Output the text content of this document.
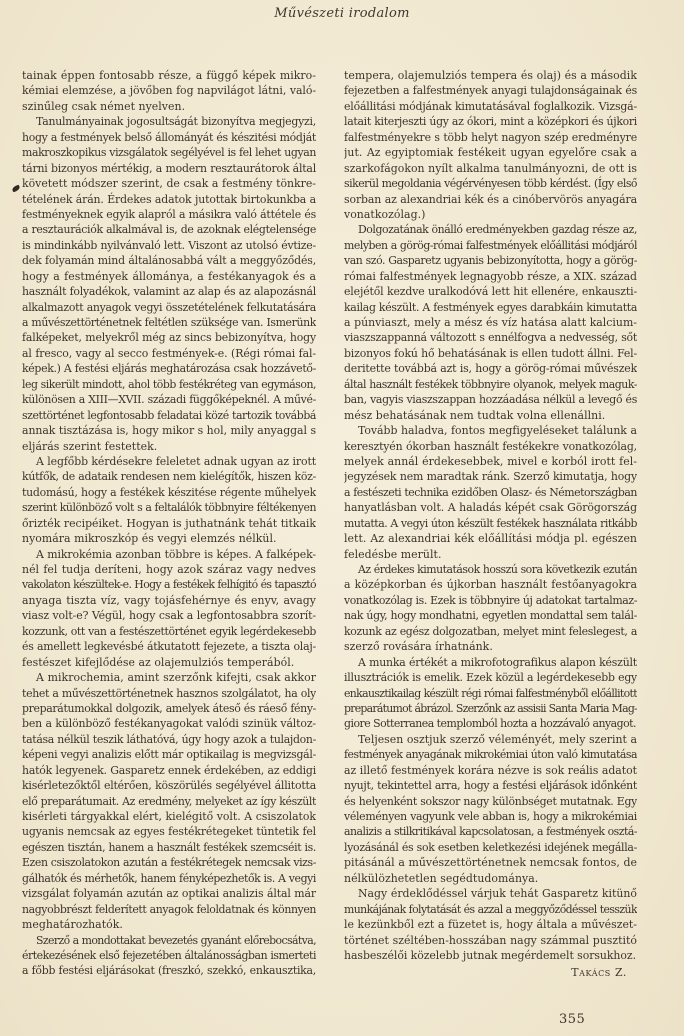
Művészeti irodalom
tainak éppen fontosabb része, a függő képek mikro-
kémiai elemzése, a jövőben fog napvilágot látni, való-
szinűleg csak német nyelven.
Tanulmányainak jogosultságát bizonyítva megjegyzi,
hogy a festmények belső állományát és készitési módját
makroszkopikus vizsgálatok segélyével is fel lehet ugyan
tárni bizonyos mértékig, a modern resztaurátorok által
követett módszer szerint, de csak a festmény tönkre-
tételének árán. Érdekes adatok jutottak birtokunkba a
festményeknek egyik alapról a másikra való áttétele és
a resztaurációk alkalmával is, de azoknak elégtelensége
is mindinkább nyilvánvaló lett. Viszont az utolsó évtize-
dek folyamán mind általánosabbá vált a meggyőződés,
hogy a festmények állománya, a festékanyagok és a
használt folyadékok, valamint az alap és az alapozásnál
alkalmazott anyagok vegyi összetételének felkutatására
a művészettörténetnek feltétlen szüksége van. Ismerünk
falképeket, melyekről még az sincs bebizonyítva, hogy
al fresco, vagy al secco festmények-e. (Régi római fal-
képek.) A festési eljárás meghatározása csak hozzávető-
leg sikerült mindott, ahol több festékréteg van egymáson,
különösen a XIII—XVII. századi függőképeknél. A művé-
szettörténet legfontosabb feladatai közé tartozik továbbá
annak tisztázása is, hogy mikor s hol, mily anyaggal s
eljárás szerint festettek.
A legfőbb kérdésekre feleletet adnak ugyan az irott
kútfők, de adataik rendesen nem kielégítők, hiszen köz-
tudomású, hogy a festékek készitése régente műhelyek
szerint különböző volt s a feltalálók többnyire féltékenyen
őrizték recipéiket. Hogyan is juthatnánk tehát titkaik
nyomára mikroszkóp és vegyi elemzés nélkül.
A mikrokémia azonban többre is képes. A falképek-
nél fel tudja deríteni, hogy azok száraz vagy nedves
vakolaton készültek-e. Hogy a festékek felhígitó és tapasztó
anyaga tiszta víz, vagy tojásfehérnye és enyv, avagy
viasz volt-e? Végül, hogy csak a legfontosabbra szorít-
kozzunk, ott van a festészettörténet egyik legérdekesebb
és amellett legkevésbé átkutatott fejezete, a tiszta olaj-
festészet kifejlődése az olajemulziós temperából.
A mikrochemia, amint szerzőnk kifejti, csak akkor
tehet a művészettörténetnek hasznos szolgálatot, ha oly
preparátumokkal dolgozik, amelyek áteső és ráeső fény-
ben a különböző festékanyagokat valódi szinük változ-
tatása nélkül teszik láthatóvá, úgy hogy azok a tulajdon-
képeni vegyi analizis előtt már optikailag is megvizsgál-
hatók legyenek. Gasparetz ennek érdekében, az eddigi
kisérletezőktől eltérően, köszörülés segélyével állitotta
elő preparátumait. Az eredmény, melyeket az így készült
kisérleti tárgyakkal elért, kielégitő volt. A csiszolatok
ugyanis nemcsak az egyes festékrétegeket tüntetik fel
egészen tisztán, hanem a használt festékek szemcséit is.
Ezen csiszolatokon azután a festékrétegek nemcsak vizs-
gálhatók és mérhetők, hanem fényképezhetők is. A vegyi
vizsgálat folyamán azután az optikai analizis által már
nagyobbrészt felderített anyagok feloldatnak és könnyen
meghatározhatók.
Szerző a mondottakat bevezetés gyanánt előrebocsátva,
értekezésének első fejezetében általánosságban ismerteti
a főbb festési eljárásokat (freszkó, szekkó, enkausztika,
tempera, olajemulziós tempera és olaj) és a második
fejezetben a falfestmények anyagi tulajdonságainak és
előállitási módjának kimutatásával foglalkozik. Vizsgá-
latait kiterjeszti úgy az ókori, mint a középkori és újkori
falfestményekre s több helyt nagyon szép eredményre
jut. Az egyiptomiak festékeit ugyan egyelőre csak a
szarkofágokon nyílt alkalma tanulmányozni, de ott is
sikerül megoldania végérvényesen több kérdést. (Így első
sorban az alexandriai kék és a cinóbervörös anyagára
vonatkozólag.)
Dolgozatának önálló eredményekben gazdag része az,
melyben a görög-római falfestmények előállitási módjáról
van szó. Gasparetz ugyanis bebizonyította, hogy a görög-
római falfestmények legnagyobb része, a XIX. század
elejétől kezdve uralkodóvá lett hit ellenére, enkauszti-
kailag készült. A festmények egyes darabkáin kimutatta
a púnviaszt, mely a mész és víz hatása alatt kalcium-
viaszszappanná változott s ennélfogva a nedvesség, sőt
bizonyos fokú hő behatásának is ellen tudott állni. Fel-
deritette továbbá azt is, hogy a görög-római művészek
által használt festékek többnyire olyanok, melyek maguk-
ban, vagyis viaszszappan hozzáadása nélkül a levegő és
mész behatásának nem tudtak volna ellenállni.
Tovább haladva, fontos megfigyeléseket találunk a
keresztyén ókorban használt festékekre vonatkozólag,
melyek annál érdekesebbek, mivel e korból irott fel-
jegyzések nem maradtak ránk. Szerző kimutatja, hogy
a festészeti technika ezidőben Olasz- és Németországban
hanyatlásban volt. A haladás képét csak Görögország
mutatta. A vegyi úton készült festékek használata ritkább
lett. Az alexandriai kék előállítási módja pl. egészen
feledésbe merült.
Az érdekes kimutatások hosszú sora következik ezután
a középkorban és újkorban használt festőanyagokra
vonatkozólag is. Ezek is többnyire új adatokat tartalmaz-
nak úgy, hogy mondhatni, egyetlen mondattal sem talál-
kozunk az egész dolgozatban, melyet mint feleslegest, a
szerző rovására írhatnánk.
A munka értékét a mikrofotografikus alapon készült
illusztrációk is emelik. Ezek közül a legérdekesebb egy
enkausztikailag készült régi római falfestményből előállitott
preparátumot ábrázol. Szerzőnk az assisii Santa Maria Mag-
giore Sotterranea templomból hozta a hozzávaló anyagot.
Teljesen osztjuk szerző véleményét, mely szerint a
festmények anyagának mikrokémiai úton való kimutatása
az illető festmények korára nézve is sok reális adatot
nyujt, tekintettel arra, hogy a festési eljárások időnként
és helyenként sokszor nagy különbséget mutatnak. Egy
véleményen vagyunk vele abban is, hogy a mikrokémiai
analizis a stilkritikával kapcsolatosan, a festmények osztá-
lyozásánál és sok esetben keletkezési idejének megálla-
pitásánál a művészettörténetnek nemcsak fontos, de
nélkülözhetetlen segédtudománya.
Nagy érdeklődéssel várjuk tehát Gasparetz kitünő
munkájának folytatását és azzal a meggyőződéssel tesszük
le kezünkből ezt a füzetet is, hogy általa a művészet-
történet széltében-hosszában nagy számmal pusztitó
hasbeszélői közelebb jutnak megérdemelt sorsukhoz.
Takács Z.
355
